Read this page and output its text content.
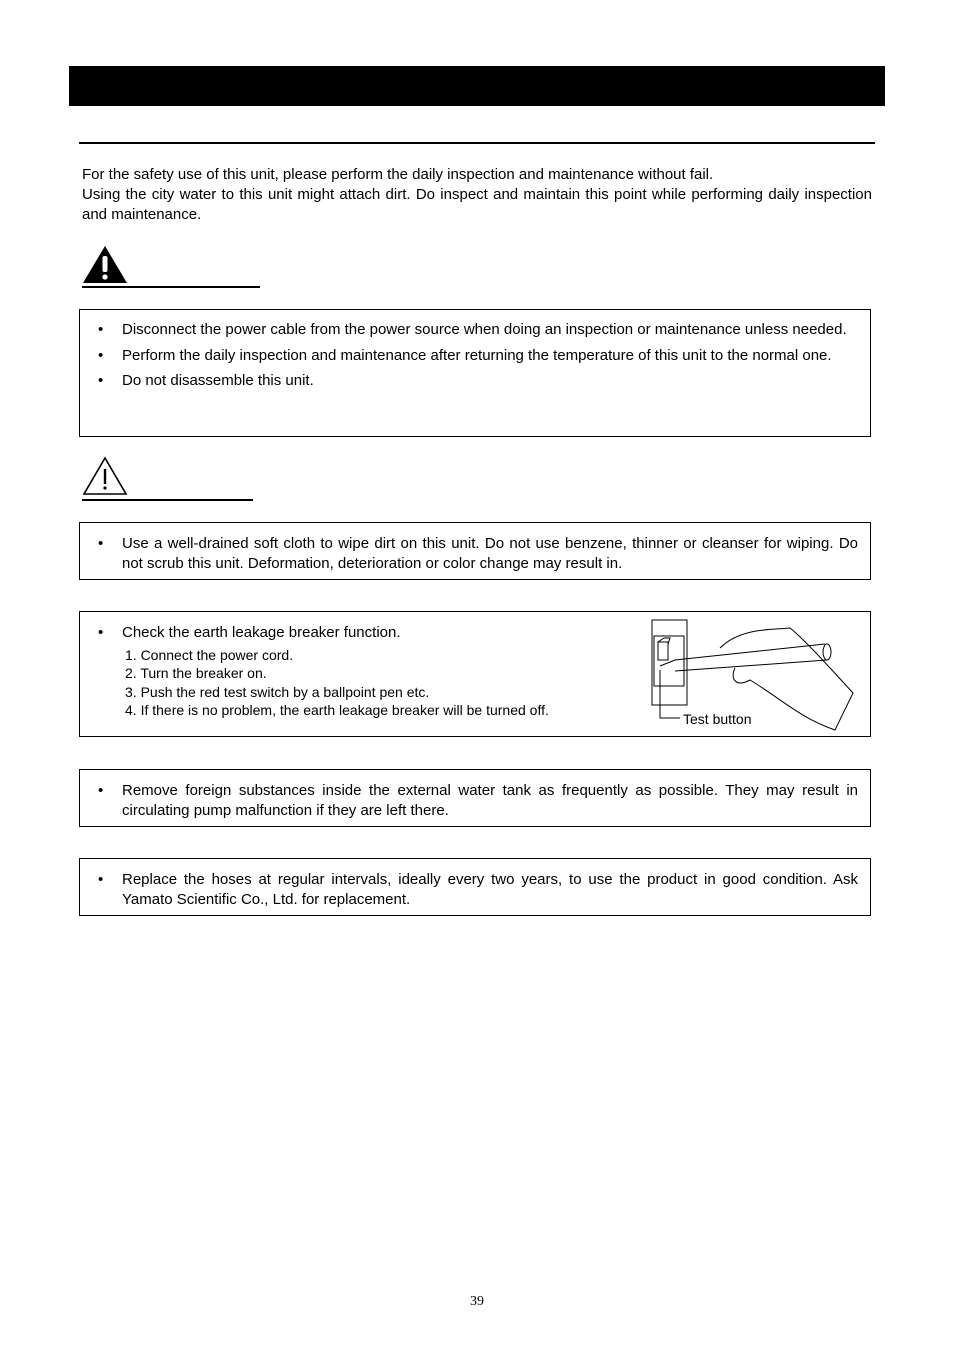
For the safety use of this unit, please perform the daily inspection and maintenance without fail.

Using the city water to this unit might attach dirt. Do inspect and maintain this point while performing daily inspection and maintenance.

• Disconnect the power cable from the power source when doing an inspection or maintenance unless needed.
• Perform the daily inspection and maintenance after returning the temperature of this unit to the normal one.
• Do not disassemble this unit.
• Use a well-drained soft cloth to wipe dirt on this unit. Do not use benzene, thinner or cleanser for wiping. Do not scrub this unit. Deformation, deterioration or color change may result in.
• Check the earth leakage breaker function.
1. Connect the power cord.
2. Turn the breaker on.
3. Push the red test switch by a ballpoint pen etc.
4. If there is no problem, the earth leakage breaker will be turned off.
Test button
• Remove foreign substances inside the external water tank as frequently as possible. They may result in circulating pump malfunction if they are left there.
• Replace the hoses at regular intervals, ideally every two years, to use the product in good condition. Ask Yamato Scientific Co., Ltd. for replacement.
39
